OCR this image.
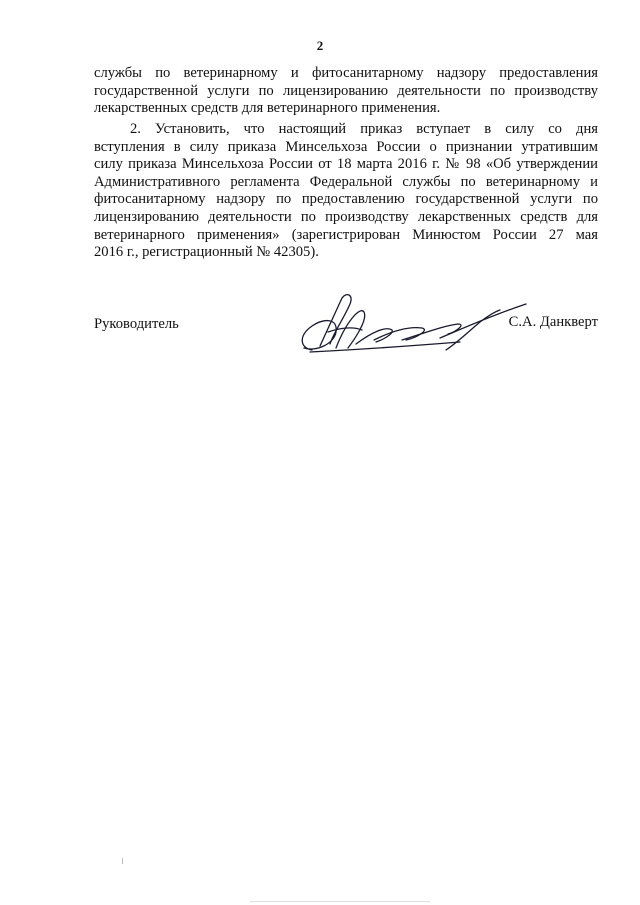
2
службы по ветеринарному и фитосанитарному надзору предоставления
государственной услуги по лицензированию деятельности по производству
лекарственных средств для ветеринарного применения.
2. Установить, что настоящий приказ вступает в силу со дня
вступления в силу приказа Минсельхоза России о признании утратившим
силу приказа Минсельхоза России от 18 марта 2016 г. № 98 «Об утверждении
Административного регламента Федеральной службы по ветеринарному и
фитосанитарному надзору по предоставлению государственной услуги по
лицензированию деятельности по производству лекарственных средств для
ветеринарного применения» (зарегистрирован Минюстом России 27 мая
2016 г., регистрационный № 42305).
Руководитель	С.А. Данкверт
